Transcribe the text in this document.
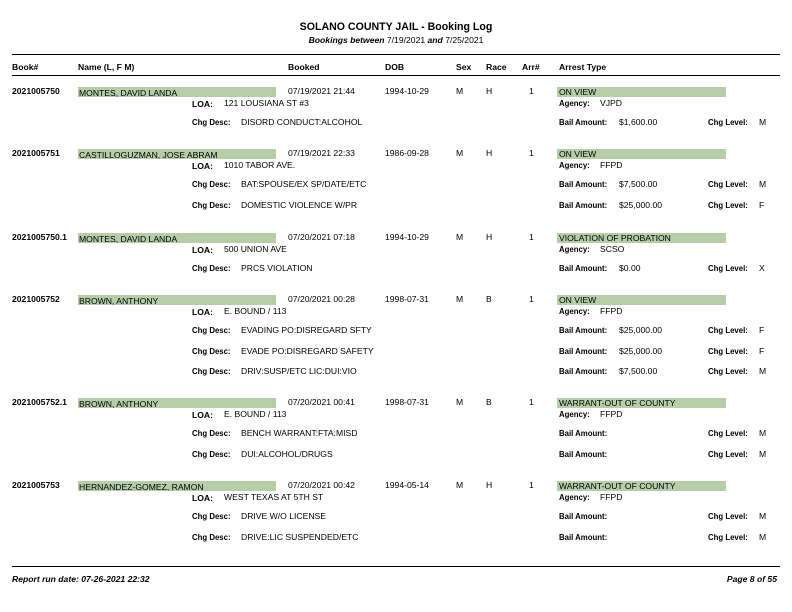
SOLANO COUNTY JAIL - Booking Log
Bookings between 7/19/2021 and 7/25/2021
Book#	Name (L, F M)	Booked	DOB	Sex Race Arr# Arrest Type
2021005750 MONTES, DAVID LANDA	07/19/2021 21:44	1994-10-29	M	H	1	ON VIEW
LOA: 121 LOUSIANA ST #3	Agency: VJPD
Chg Desc: DISORD CONDUCT:ALCOHOL	Bail Amount: $1,600.00	Chg Level: M
2021005751 CASTILLOGUZMAN, JOSE ABRAM	07/19/2021 22:33	1986-09-28	M	H	1	ON VIEW
LOA: 1010 TABOR AVE.	Agency: FFPD
Chg Desc: BAT:SPOUSE/EX SP/DATE/ETC	Bail Amount: $7,500.00	Chg Level: M
Chg Desc: DOMESTIC VIOLENCE W/PR	Bail Amount: $25,000.00	Chg Level: F
2021005750.1 MONTES, DAVID LANDA	07/20/2021 07:18	1994-10-29	M	H	1	VIOLATION OF PROBATION
LOA: 500 UNION AVE	Agency: SCSO
Chg Desc: PRCS VIOLATION	Bail Amount: $0.00	Chg Level: X
2021005752 BROWN, ANTHONY	07/20/2021 00:28	1998-07-31	M	B	1	ON VIEW
LOA: E. BOUND / 113	Agency: FFPD
Chg Desc: EVADING PO:DISREGARD SFTY	Bail Amount: $25,000.00	Chg Level: F
Chg Desc: EVADE PO:DISREGARD SAFETY	Bail Amount: $25,000.00	Chg Level: F
Chg Desc: DRIV:SUSP/ETC LIC:DUI:VIO	Bail Amount: $7,500.00	Chg Level: M
2021005752.1 BROWN, ANTHONY	07/20/2021 00:41	1998-07-31	M	B	1	WARRANT-OUT OF COUNTY
LOA: E. BOUND / 113	Agency: FFPD
Chg Desc: BENCH WARRANT:FTA:MISD	Bail Amount:	Chg Level: M
Chg Desc: DUI:ALCOHOL/DRUGS	Bail Amount:	Chg Level: M
2021005753 HERNANDEZ-GOMEZ, RAMON	07/20/2021 00:42	1994-05-14	M	H	1	WARRANT-OUT OF COUNTY
LOA: WEST TEXAS AT 5TH ST	Agency: FFPD
Chg Desc: DRIVE W/O LICENSE	Bail Amount:	Chg Level: M
Chg Desc: DRIVE:LIC SUSPENDED/ETC	Bail Amount:	Chg Level: M
Report run date: 07-26-2021 22:32	Page 8 of 55
